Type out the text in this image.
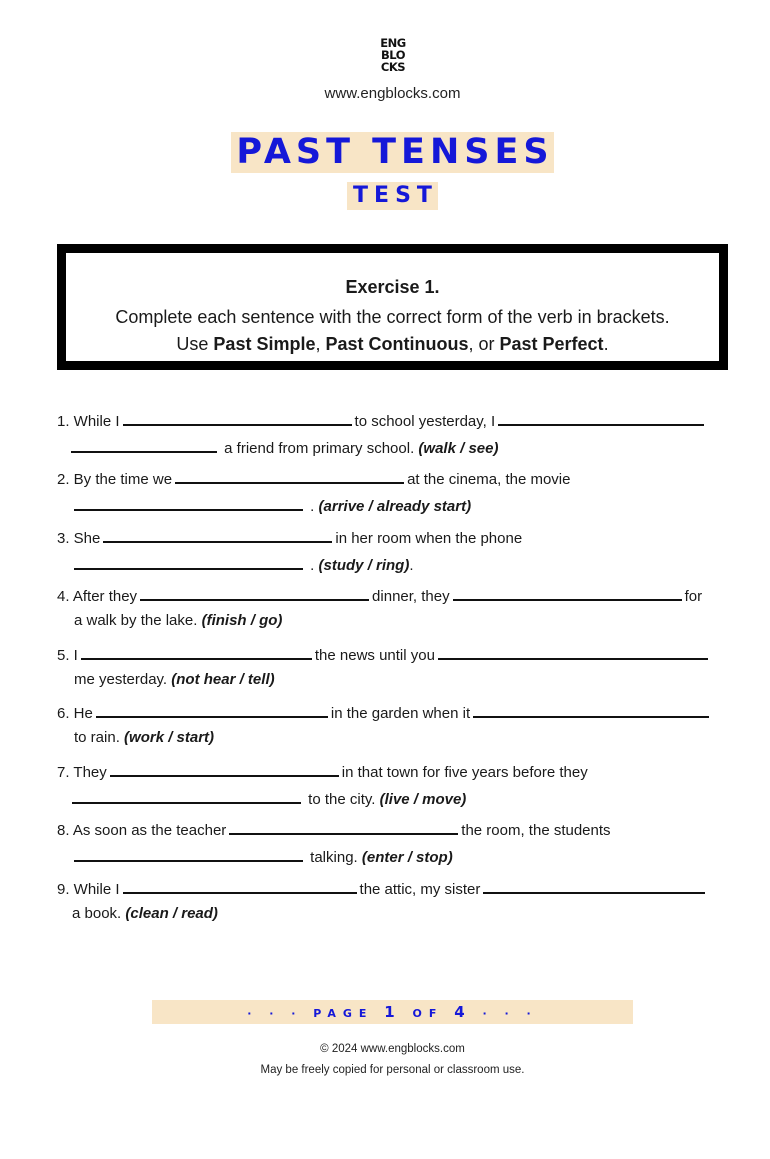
ENG
BLO
CKS
www.engblocks.com
PAST TENSES
TEST
Exercise 1.
Complete each sentence with the correct form of the verb in brackets.
Use Past Simple, Past Continuous, or Past Perfect.
1. While I	to school yesterday, I
a friend from primary school. (walk / see)
2. By the time we	at the cinema, the movie
. (arrive / already start)
3. She	in her room when the phone
. (study / ring).
4. After they	dinner, they	for
a walk by the lake. (finish / go)
5. I	the news until you
me yesterday. (not hear / tell)
6. He	in the garden when it
to rain. (work / start)
7. They	in that town for five years before they
to the city. (live / move)
8. As soon as the teacher	the room, the students
talking. (enter / stop)
9. While I	the attic, my sister
a book. (clean / read)
· · · PAGE 1 OF 4 · · ·
© 2024 www.engblocks.com
May be freely copied for personal or classroom use.
